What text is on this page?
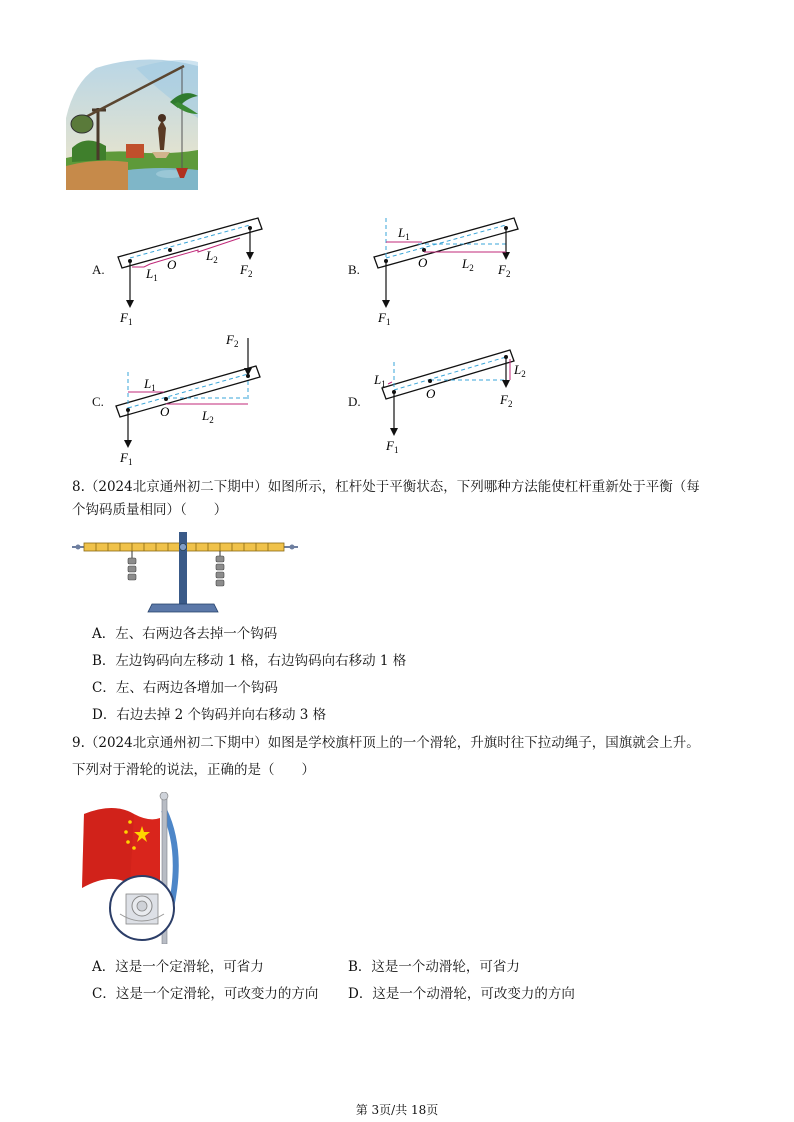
A.	$L_1$
O
$L_2$
$F_2$
$F_1$
B.
$L_1$
O	$L_2$ $F_2$
$F_1$
C.
$L_1$
O	$L_2$
$F_2$
$F_1$
D.
$L_1$
O
$L_2$
$F_2$
$F_1$
8.（2024北京通州初二下期中）如图所示，杠杆处于平衡状态，下列哪种方法能使杠杆重新处于平衡（每
个钩码质量相同）（　　）
A．左、右两边各去掉一个钩码
B．左边钩码向左移动 1 格，右边钩码向右移动 1 格
C．左、右两边各增加一个钩码
D．右边去掉 2 个钩码并向右移动 3 格
9.（2024北京通州初二下期中）如图是学校旗杆顶上的一个滑轮，升旗时往下拉动绳子，国旗就会上升。
下列对于滑轮的说法，正确的是（　　）
A．这是一个定滑轮，可省力	B．这是一个动滑轮，可省力
C．这是一个定滑轮，可改变力的方向 D．这是一个动滑轮，可改变力的方向
第 3页/共 18页
